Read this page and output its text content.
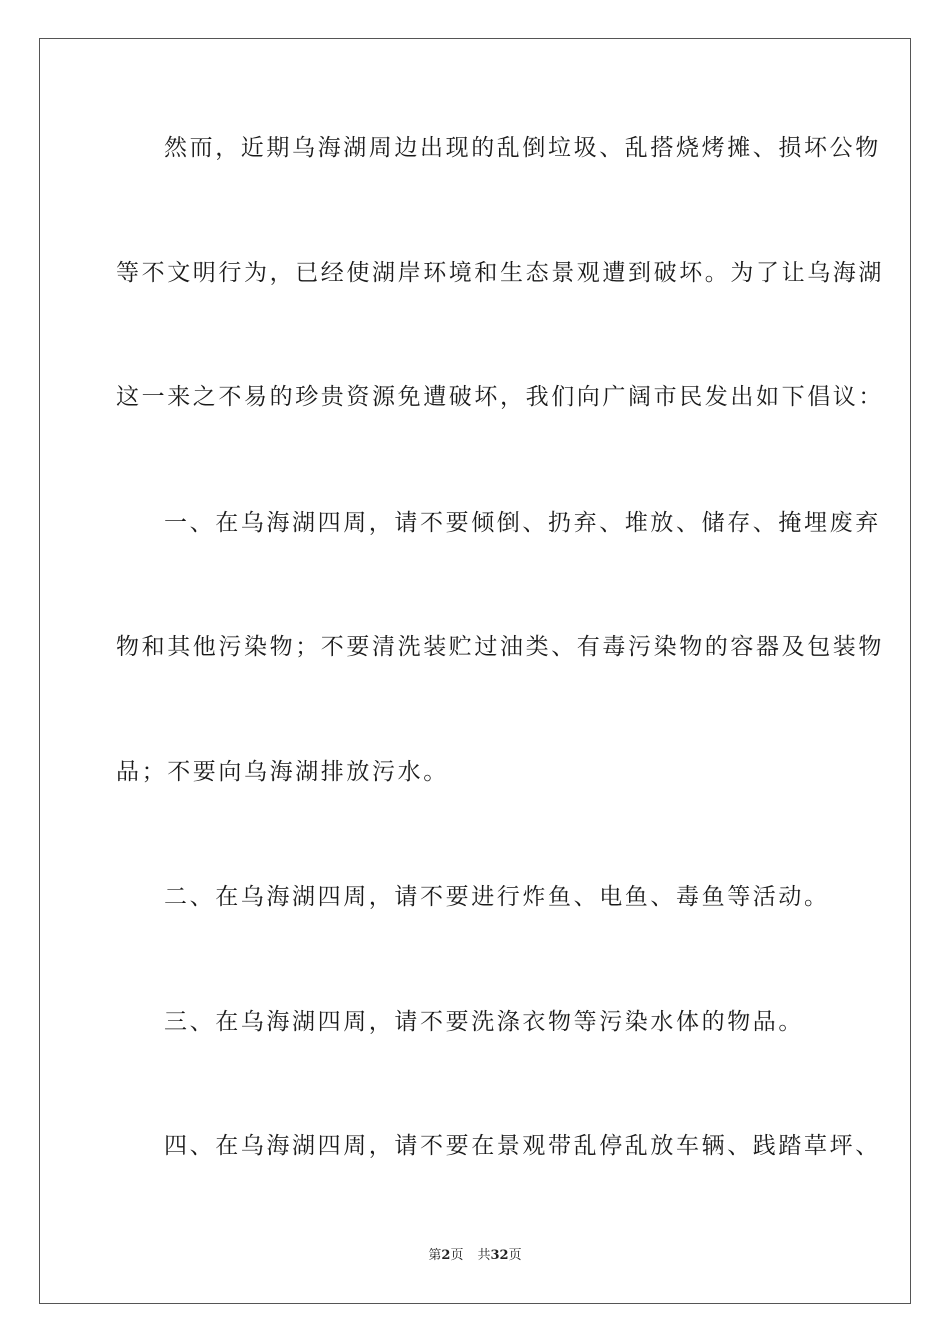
然而，近期乌海湖周边出现的乱倒垃圾、乱搭烧烤摊、损坏公物
等不文明行为，已经使湖岸环境和生态景观遭到破坏。为了让乌海湖
这一来之不易的珍贵资源免遭破坏，我们向广阔市民发出如下倡议：
一、在乌海湖四周，请不要倾倒、扔弃、堆放、储存、掩埋废弃
物和其他污染物；不要清洗装贮过油类、有毒污染物的容器及包装物
品；不要向乌海湖排放污水。
二、在乌海湖四周，请不要进行炸鱼、电鱼、毒鱼等活动。
三、在乌海湖四周，请不要洗涤衣物等污染水体的物品。
四、在乌海湖四周，请不要在景观带乱停乱放车辆、践踏草坪、
第2页 共32页
